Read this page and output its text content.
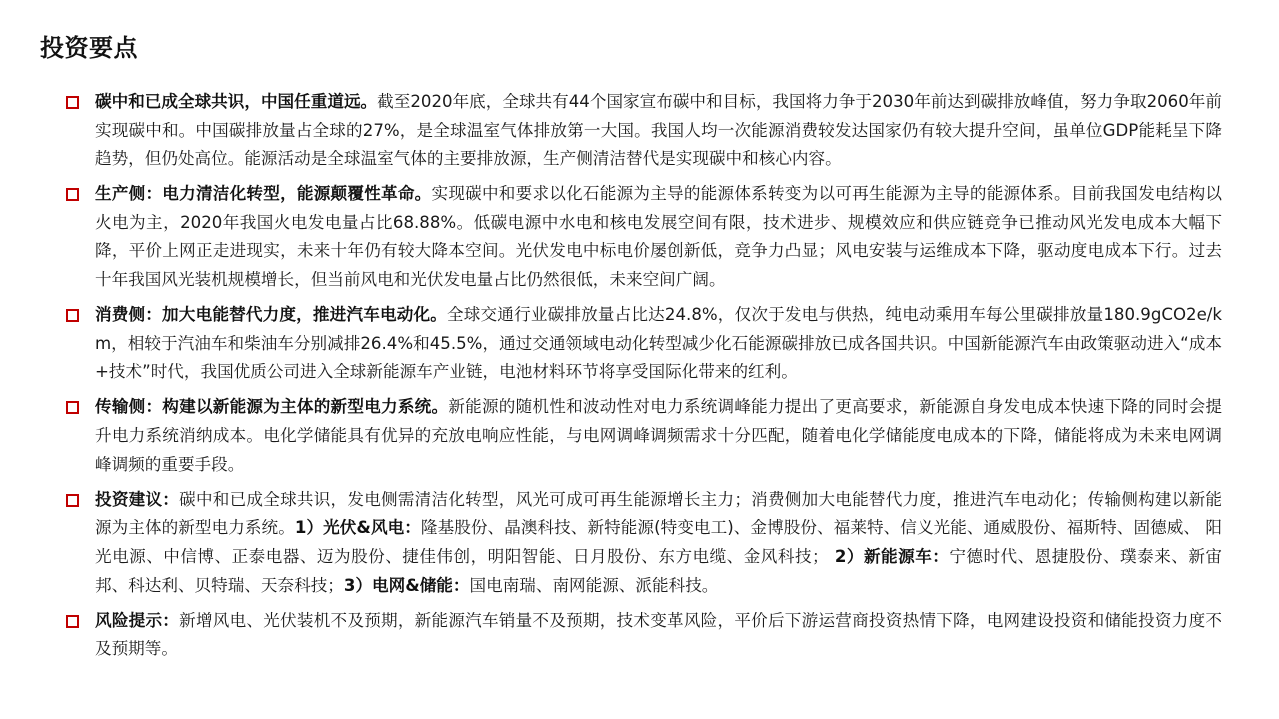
投资要点
碳中和已成全球共识，中国任重道远。截至2020年底，全球共有44个国家宣布碳中和目标，我国将力争于2030年前达到碳排放峰值，努力争取2060年前实现碳中和。中国碳排放量占全球的27%，是全球温室气体排放第一大国。我国人均一次能源消费较发达国家仍有较大提升空间，虽单位GDP能耗呈下降趋势，但仍处高位。能源活动是全球温室气体的主要排放源，生产侧清洁替代是实现碳中和核心内容。
生产侧：电力清洁化转型，能源颠覆性革命。实现碳中和要求以化石能源为主导的能源体系转变为以可再生能源为主导的能源体系。目前我国发电结构以火电为主，2020年我国火电发电量占比68.88%。低碳电源中水电和核电发展空间有限，技术进步、规模效应和供应链竞争已推动风光发电成本大幅下降，平价上网正走进现实，未来十年仍有较大降本空间。光伏发电中标电价屡创新低，竞争力凸显；风电安装与运维成本下降，驱动度电成本下行。过去十年我国风光装机规模增长，但当前风电和光伏发电量占比仍然很低，未来空间广阔。
消费侧：加大电能替代力度，推进汽车电动化。全球交通行业碳排放量占比达24.8%，仅次于发电与供热，纯电动乘用车每公里碳排放量180.9gCO2e/km，相较于汽油车和柴油车分别减排26.4%和45.5%，通过交通领域电动化转型减少化石能源碳排放已成各国共识。中国新能源汽车由政策驱动进入“成本+技术”时代，我国优质公司进入全球新能源车产业链，电池材料环节将享受国际化带来的红利。
传输侧：构建以新能源为主体的新型电力系统。新能源的随机性和波动性对电力系统调峰能力提出了更高要求，新能源自身发电成本快速下降的同时会提升电力系统消纳成本。电化学储能具有优异的充放电响应性能，与电网调峰调频需求十分匹配，随着电化学储能度电成本的下降，储能将成为未来电网调峰调频的重要手段。
投资建议：碳中和已成全球共识，发电侧需清洁化转型，风光可成可再生能源增长主力；消费侧加大电能替代力度，推进汽车电动化；传输侧构建以新能源为主体的新型电力系统。1）光伏&风电：隆基股份、晶澳科技、新特能源(特变电工)、金博股份、福莱特、信义光能、通威股份、福斯特、固德威、 阳光电源、中信博、正泰电器、迈为股份、捷佳伟创，明阳智能、日月股份、东方电缆、金风科技； 2）新能源车：宁德时代、恩捷股份、璞泰来、新宙邦、科达利、贝特瑞、天奈科技；3）电网&储能：国电南瑞、南网能源、派能科技。
风险提示：新增风电、光伏装机不及预期，新能源汽车销量不及预期，技术变革风险，平价后下游运营商投资热情下降，电网建设投资和储能投资力度不及预期等。
